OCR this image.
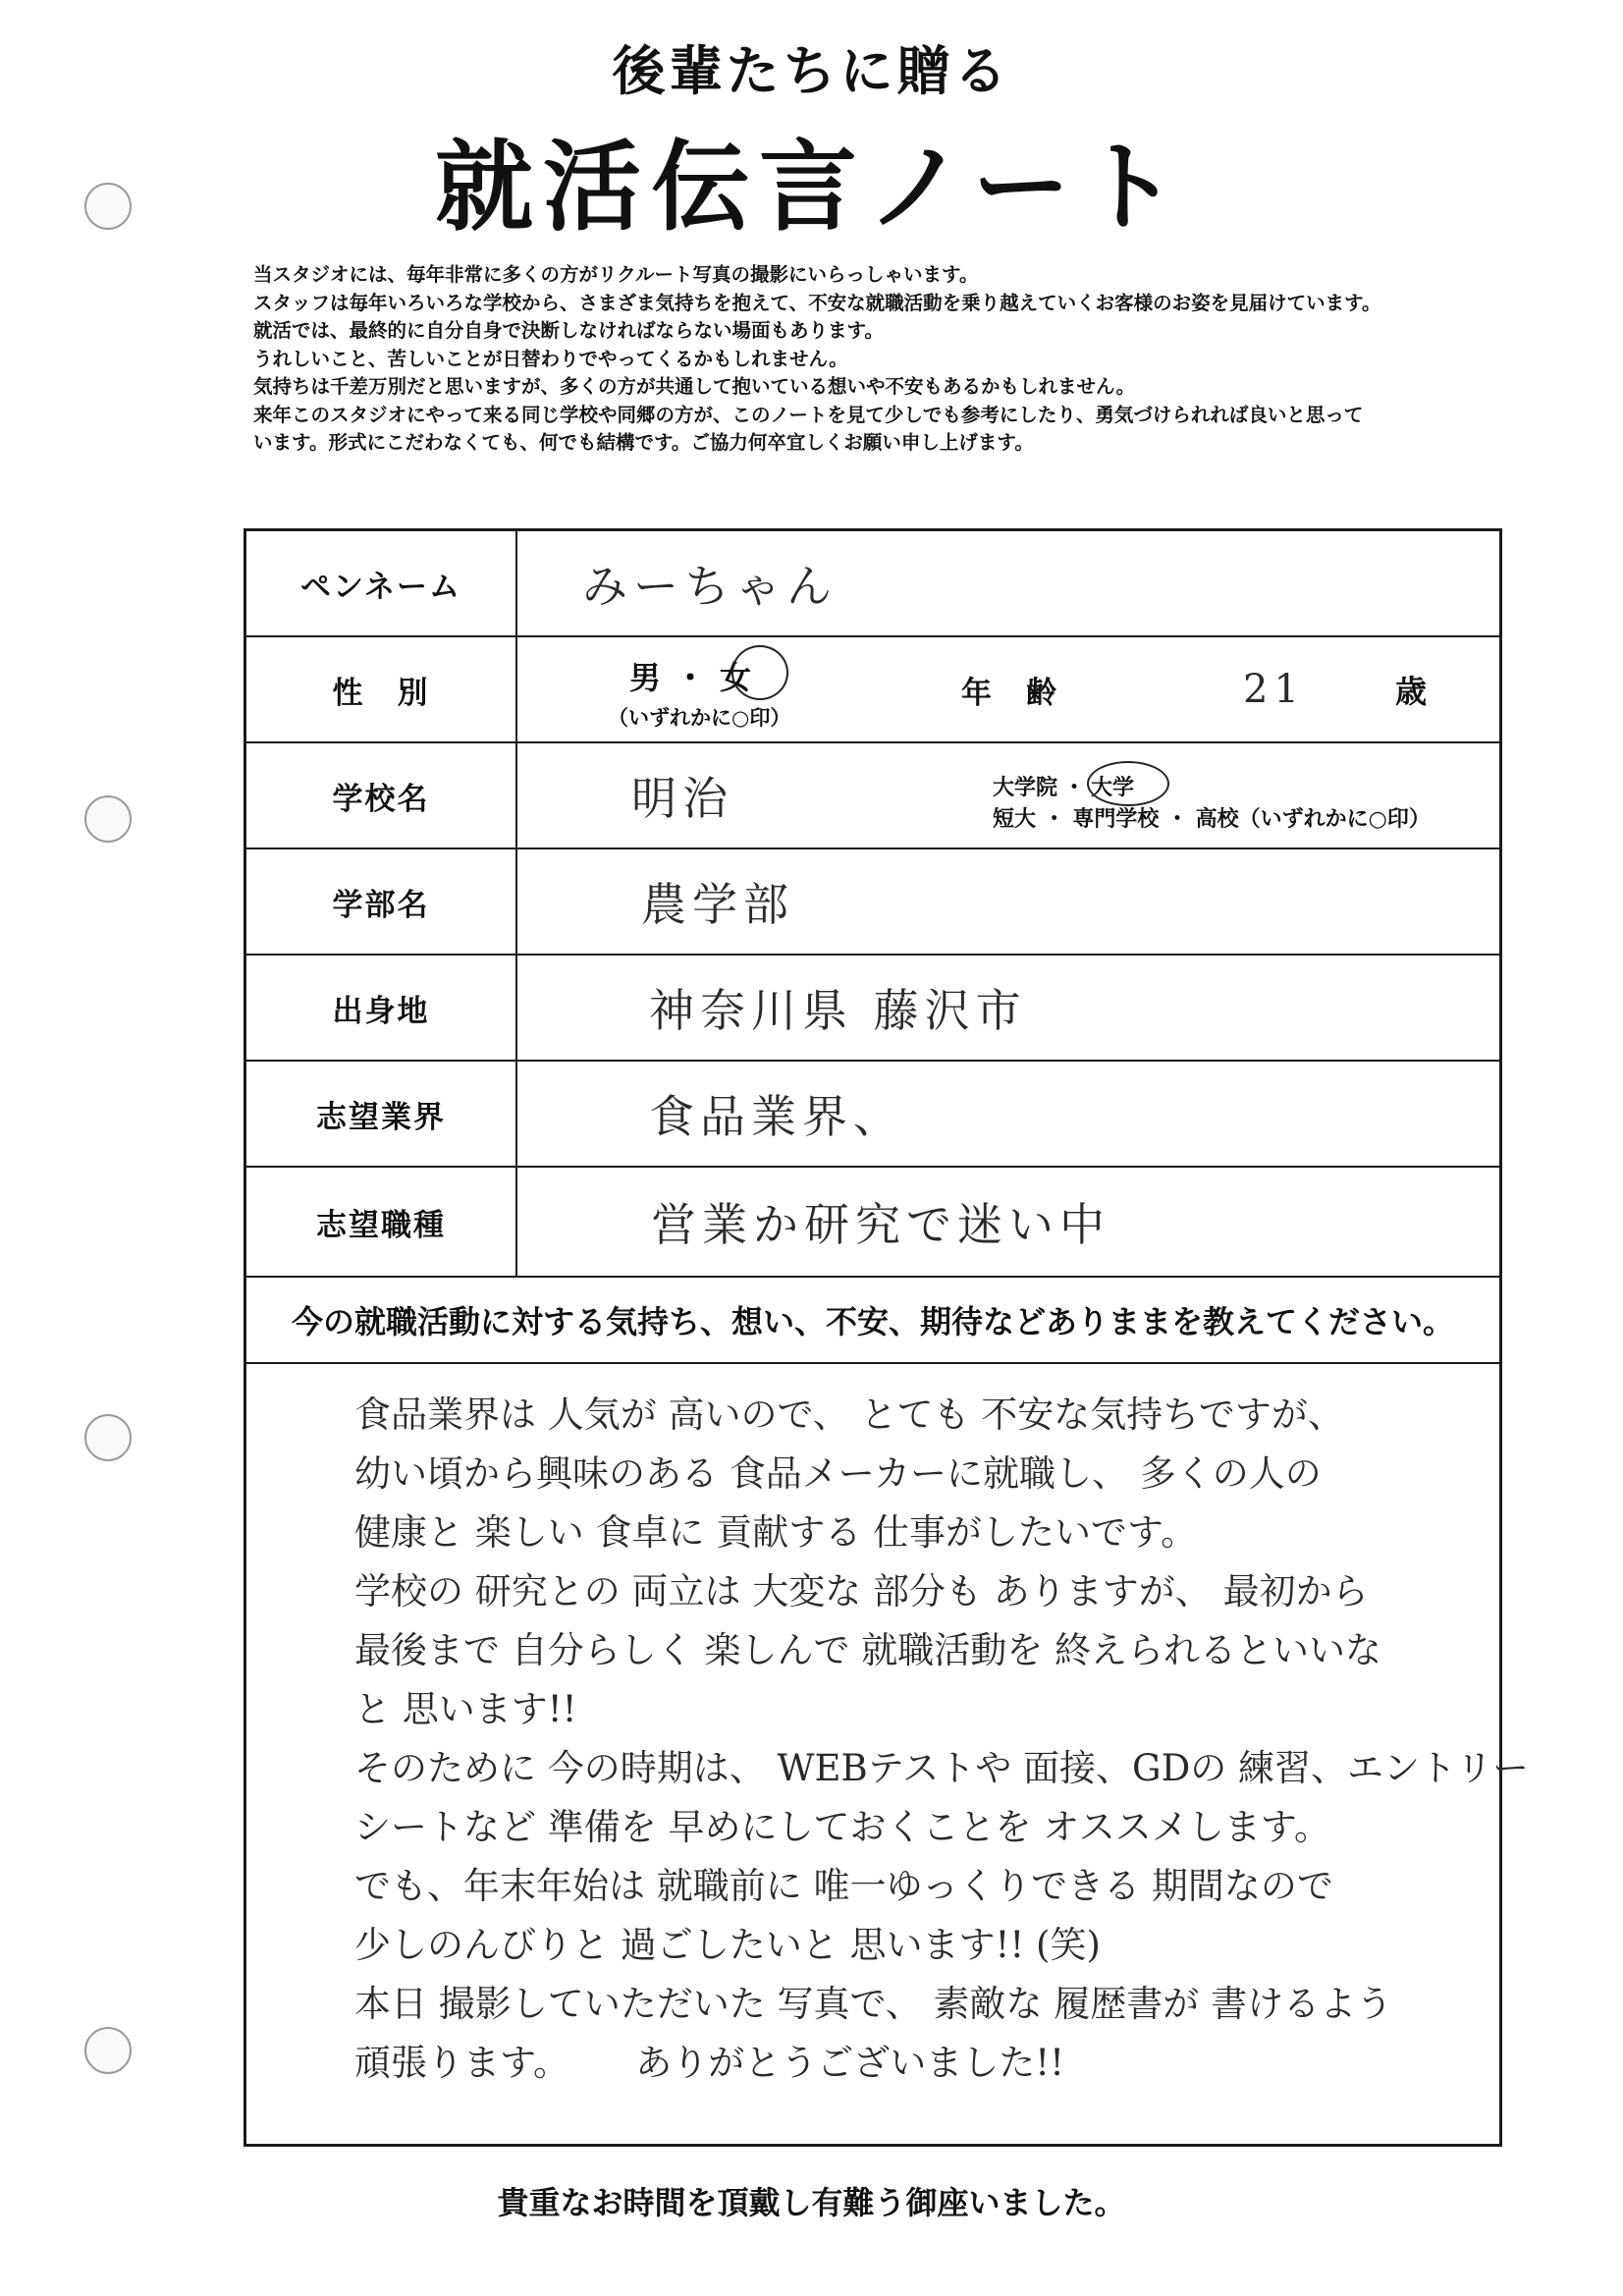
後輩たちに贈る
就活伝言ノート
当スタジオには、毎年非常に多くの方がリクルート写真の撮影にいらっしゃいます。
スタッフは毎年いろいろな学校から、さまざま気持ちを抱えて、不安な就職活動を乗り越えていくお客様のお姿を見届けています。
就活では、最終的に自分自身で決断しなければならない場面もあります。
うれしいこと、苦しいことが日替わりでやってくるかもしれません。
気持ちは千差万別だと思いますが、多くの方が共通して抱いている想いや不安もあるかもしれません。
来年このスタジオにやって来る同じ学校や同郷の方が、このノートを見て少しでも参考にしたり、勇気づけられれば良いと思って
います。形式にこだわなくても、何でも結構です。ご協力何卒宜しくお願い申し上げます。
ペンネーム	みーちゃん
性　別	男 ・ 女
（いずれかに○印）
年　齢	21	歳
学校名	明治	大学院 ・ 大学
短大 ・ 専門学校 ・ 高校（いずれかに○印）
学部名	農学部
出身地	神奈川県 藤沢市
志望業界	食品業界、
志望職種	営業か研究で迷い中
今の就職活動に対する気持ち、想い、不安、期待などありままを教えてください。
食品業界は 人気が 高いので、 とても 不安な気持ちですが、
幼い頃から興味のある 食品メーカーに就職し、 多くの人の
健康と 楽しい 食卓に 貢献する 仕事がしたいです。
学校の 研究との 両立は 大変な 部分も ありますが、 最初から
最後まで 自分らしく 楽しんで 就職活動を 終えられるといいな
と 思います!!
そのために 今の時期は、 WEBテストや 面接、GDの 練習、エントリー
シートなど 準備を 早めにしておくことを オススメします。
でも、年末年始は 就職前に 唯一ゆっくりできる 期間なので
少しのんびりと 過ごしたいと 思います!! (笑)
本日 撮影していただいた 写真で、 素敵な 履歴書が 書けるよう
頑張ります。　　 ありがとうございました!!
貴重なお時間を頂戴し有難う御座いました。
